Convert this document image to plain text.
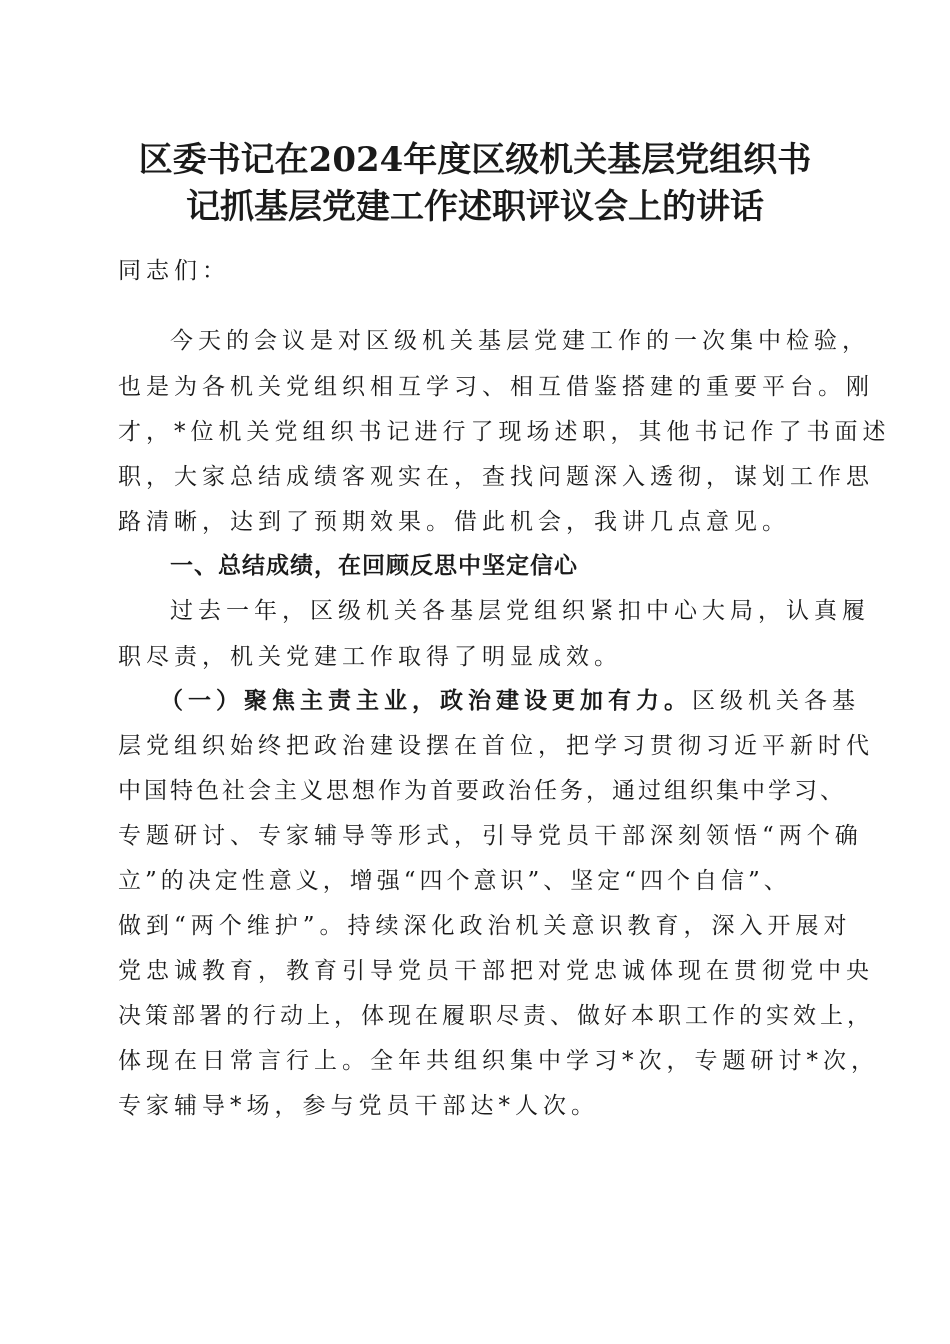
区委书记在2024年度区级机关基层党组织书
记抓基层党建工作述职评议会上的讲话
同志们：
今天的会议是对区级机关基层党建工作的一次集中检验，
也是为各机关党组织相互学习、相互借鉴搭建的重要平台。刚
才，*位机关党组织书记进行了现场述职，其他书记作了书面述
职，大家总结成绩客观实在，查找问题深入透彻，谋划工作思
路清晰，达到了预期效果。借此机会，我讲几点意见。
一、总结成绩，在回顾反思中坚定信心
过去一年，区级机关各基层党组织紧扣中心大局，认真履
职尽责，机关党建工作取得了明显成效。
（一）聚焦主责主业，政治建设更加有力。区级机关各基
层党组织始终把政治建设摆在首位，把学习贯彻习近平新时代
中国特色社会主义思想作为首要政治任务，通过组织集中学习、
专题研讨、专家辅导等形式，引导党员干部深刻领悟“两个确
立”的决定性意义，增强“四个意识”、坚定“四个自信”、
做到“两个维护”。持续深化政治机关意识教育，深入开展对
党忠诚教育，教育引导党员干部把对党忠诚体现在贯彻党中央
决策部署的行动上，体现在履职尽责、做好本职工作的实效上，
体现在日常言行上。全年共组织集中学习*次，专题研讨*次，
专家辅导*场，参与党员干部达*人次。
